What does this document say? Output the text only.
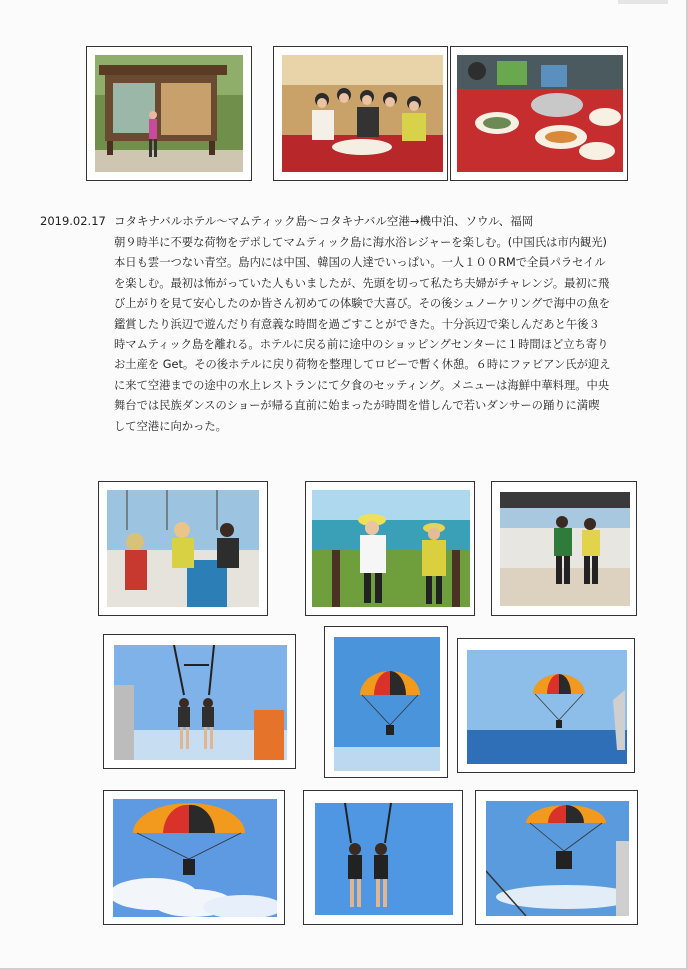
2019.02.17 コタキナバルホテル～マムティック島～コタキナバル空港→機中泊、ソウル、福岡
朝９時半に不要な荷物をデポしてマムティック島に海水浴レジャーを楽しむ。(中国氏は市内観光)
本日も雲一つない青空。島内には中国、韓国の人達でいっぱい。一人１００RMで全員パラセイル
を楽しむ。最初は怖がっていた人もいましたが、先頭を切って私たち夫婦がチャレンジ。最初に飛
び上がりを見て安心したのか皆さん初めての体験で大喜び。その後シュノーケリングで海中の魚を
鑑賞したり浜辺で遊んだり有意義な時間を過ごすことができた。十分浜辺で楽しんだあと午後３
時マムティック島を離れる。ホテルに戻る前に途中のショッピングセンターに１時間ほど立ち寄り
お土産を Get。その後ホテルに戻り荷物を整理してロビーで暫く休憩。６時にファビアン氏が迎え
に来て空港までの途中の水上レストランにて夕食のセッティング。メニューは海鮮中華料理。中央
舞台では民族ダンスのショーが帰る直前に始まったが時間を惜しんで若いダンサーの踊りに満喫
して空港に向かった。
